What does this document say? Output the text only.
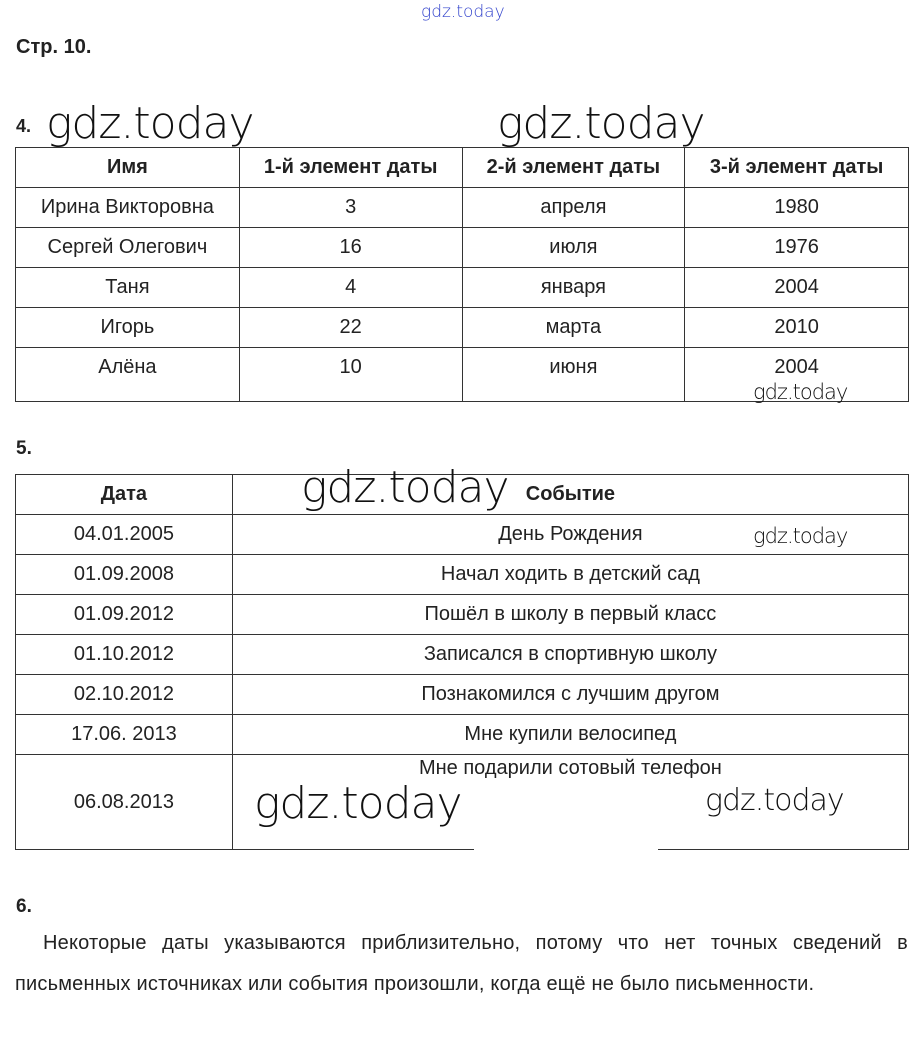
gdz.today
Стр. 10.
4.
Имя	1-й элемент даты	2-й элемент даты	3-й элемент даты
Ирина Викторовна	3	апреля	1980
Сергей Олегович	16	июля	1976
Таня	4	января	2004
Игорь	22	марта	2010
Алёна	10	июня	2004
5.
Дата	Событие
04.01.2005	День Рождения
01.09.2008	Начал ходить в детский сад
01.09.2012	Пошёл в школу в первый класс
01.10.2012	Записался в спортивную школу
02.10.2012	Познакомился с лучшим другом
17.06. 2013	Мне купили велосипед
06.08.2013	Мне подарили сотовый телефон
6.
Некоторые даты указываются приблизительно, потому что нет точных сведений в письменных источниках или события произошли, когда ещё не было письменности.
gdz.today	gdz.today
gdz.today
gdz.today
gdz.today
gdz.today	gdz.today
